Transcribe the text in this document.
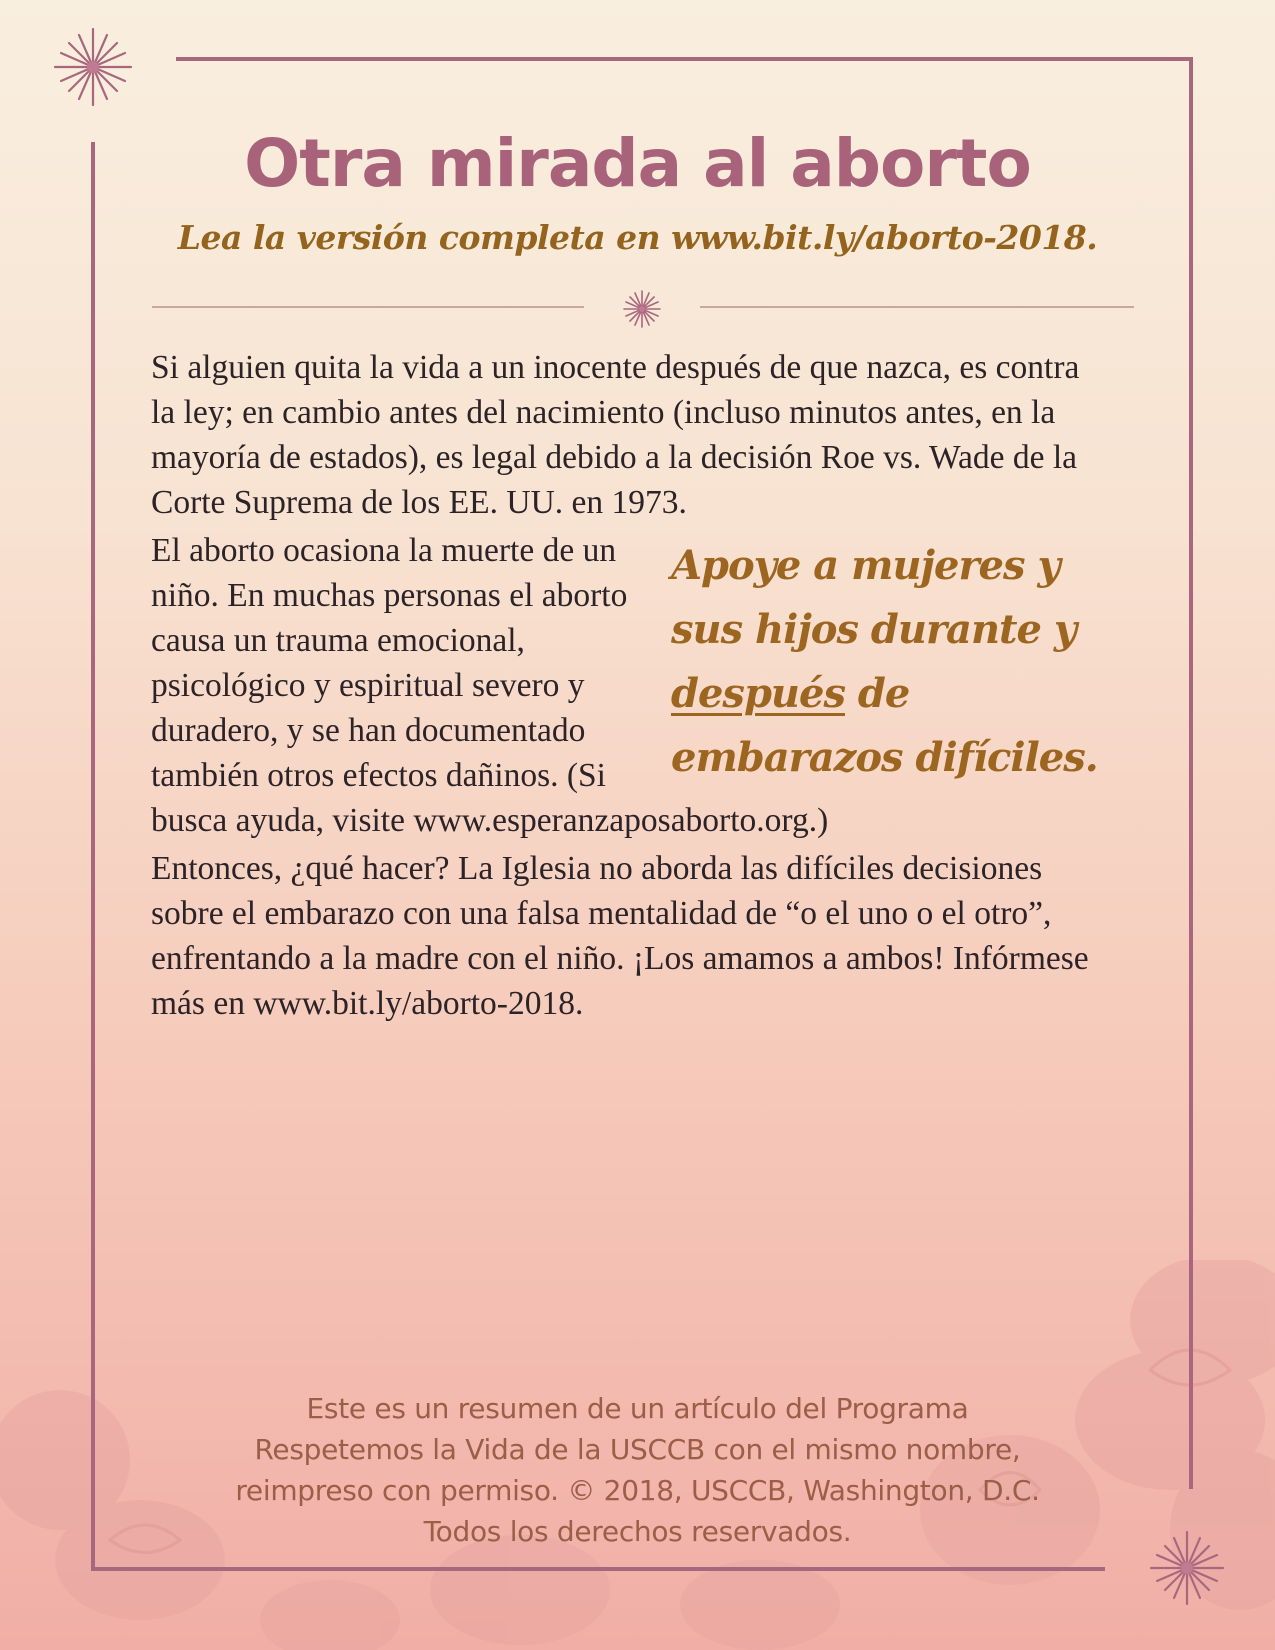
Otra mirada al aborto

Lea la versión completa en www.bit.ly/aborto-2018.

Si alguien quita la vida a un inocente después de que nazca, es contra la ley; en cambio antes del nacimiento (incluso minutos antes, en la mayoría de estados), es legal debido a la decisión Roe vs. Wade de la Corte Suprema de los EE. UU. en 1973.

Apoye a mujeres y sus hijos durante y después de embarazos difíciles.

El aborto ocasiona la muerte de un niño. En muchas personas el aborto causa un trauma emocional, psicológico y espiritual severo y duradero, y se han documentado también otros efectos dañinos. (Si busca ayuda, visite www.esperanzaposaborto.org.)

Entonces, ¿qué hacer? La Iglesia no aborda las difíciles decisiones sobre el embarazo con una falsa mentalidad de “o el uno o el otro”, enfrentando a la madre con el niño. ¡Los amamos a ambos! Infórmese más en www.bit.ly/aborto-2018.

Este es un resumen de un artículo del Programa

Respetemos la Vida de la USCCB con el mismo nombre,

reimpreso con permiso. © 2018, USCCB, Washington, D.C.

Todos los derechos reservados.
